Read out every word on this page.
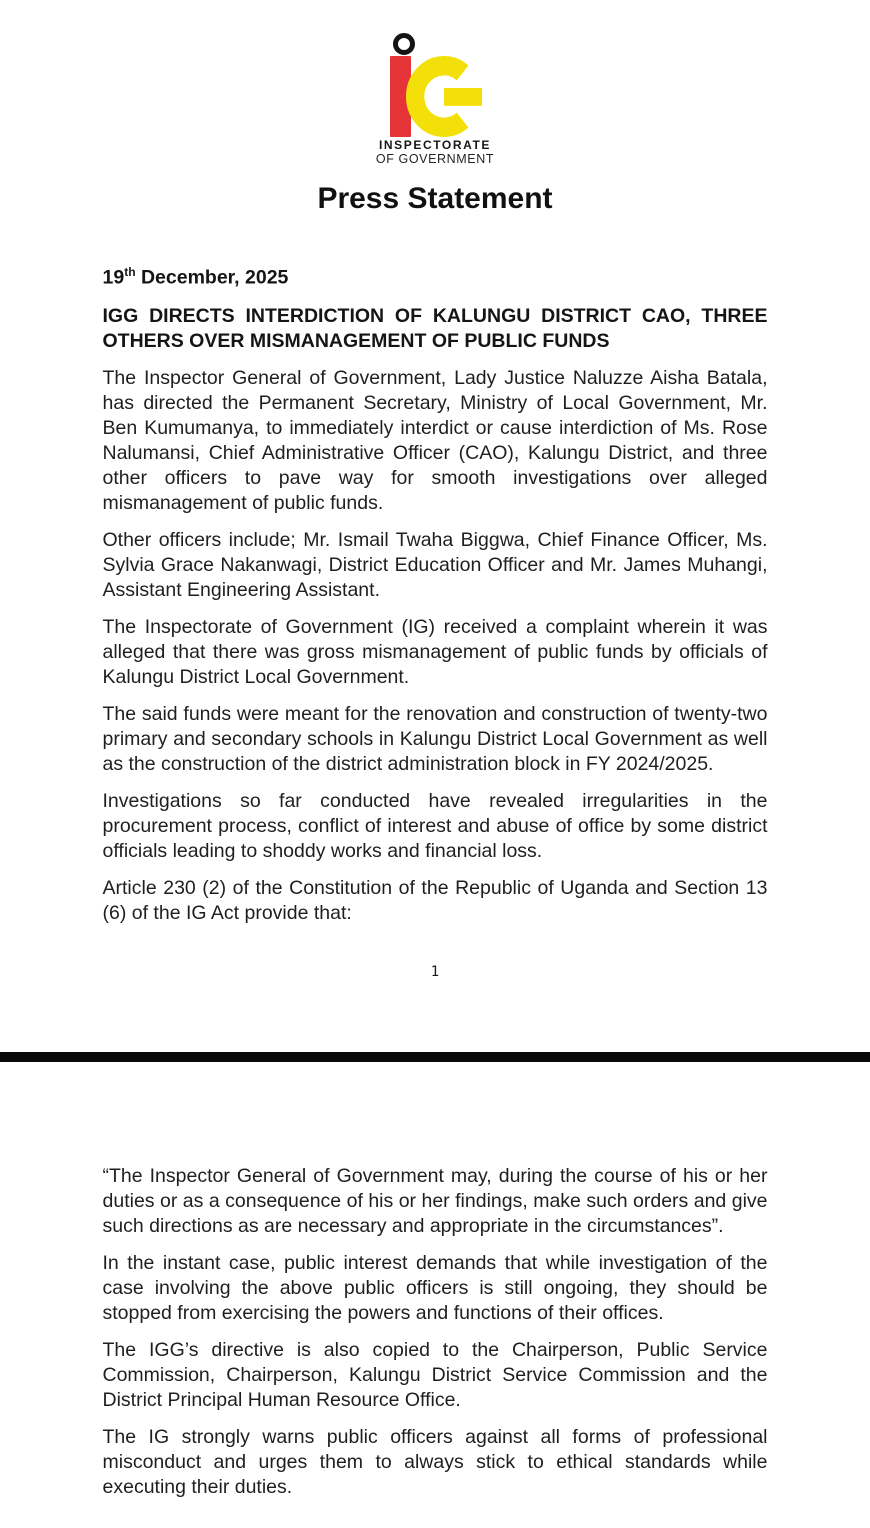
INSPECTORATE
OF GOVERNMENT
Press Statement

19th December, 2025

IGG DIRECTS INTERDICTION OF KALUNGU DISTRICT CAO, THREE OTHERS OVER MISMANAGEMENT OF PUBLIC FUNDS

The Inspector General of Government, Lady Justice Naluzze Aisha Batala, has directed the Permanent Secretary, Ministry of Local Government, Mr. Ben Kumumanya, to immediately interdict or cause interdiction of Ms. Rose Nalumansi, Chief Administrative Officer (CAO), Kalungu District, and three other officers to pave way for smooth investigations over alleged mismanagement of public funds.

Other officers include; Mr. Ismail Twaha Biggwa, Chief Finance Officer, Ms. Sylvia Grace Nakanwagi, District Education Officer and Mr. James Muhangi, Assistant Engineering Assistant.

The Inspectorate of Government (IG) received a complaint wherein it was alleged that there was gross mismanagement of public funds by officials of Kalungu District Local Government.

The said funds were meant for the renovation and construction of twenty-two primary and secondary schools in Kalungu District Local Government as well as the construction of the district administration block in FY 2024/2025.

Investigations so far conducted have revealed irregularities in the procurement process, conflict of interest and abuse of office by some district officials leading to shoddy works and financial loss.

Article 230 (2) of the Constitution of the Republic of Uganda and Section 13 (6) of the IG Act provide that:

1

“The Inspector General of Government may, during the course of his or her duties or as a consequence of his or her findings, make such orders and give such directions as are necessary and appropriate in the circumstances”.

In the instant case, public interest demands that while investigation of the case involving the above public officers is still ongoing, they should be stopped from exercising the powers and functions of their offices.

The IGG’s directive is also copied to the Chairperson, Public Service Commission, Chairperson, Kalungu District Service Commission and the District Principal Human Resource Office.

The IG strongly warns public officers against all forms of professional misconduct and urges them to always stick to ethical standards while executing their duties.
